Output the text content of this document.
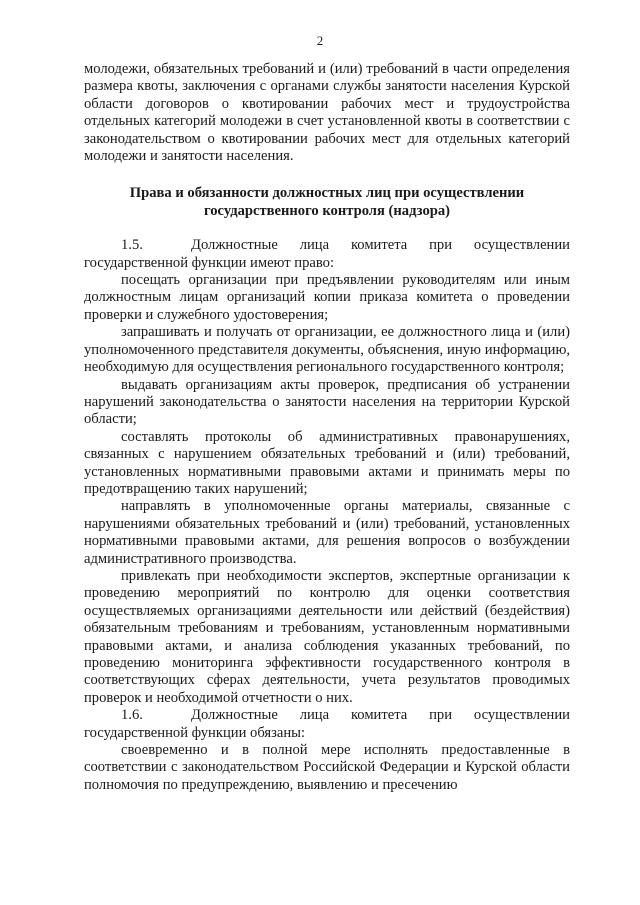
2

молодежи, обязательных требований и (или) требований в части определения размера квоты, заключения с органами службы занятости населения Курской области договоров о квотировании рабочих мест и трудоустройства отдельных категорий молодежи в счет установленной квоты в соответствии с законодательством о квотировании рабочих мест для отдельных категорий молодежи и занятости населения.

Права и обязанности должностных лиц при осуществлении государственного контроля (надзора)

1.5.	Должностные лица комитета при осуществлении

государственной функции имеют право:

посещать организации при предъявлении руководителям или иным должностным лицам организаций копии приказа комитета о проведении проверки и служебного удостоверения;

запрашивать и получать от организации, ее должностного лица и (или) уполномоченного представителя документы, объяснения, иную информацию, необходимую для осуществления регионального государственного контроля;

выдавать организациям акты проверок, предписания об устранении нарушений законодательства о занятости населения на территории Курской области;

составлять протоколы об административных правонарушениях, связанных с нарушением обязательных требований и (или) требований, установленных нормативными правовыми актами и принимать меры по предотвращению таких нарушений;

направлять в уполномоченные органы материалы, связанные с нарушениями обязательных требований и (или) требований, установленных нормативными правовыми актами, для решения вопросов о возбуждении административного производства.

привлекать при необходимости экспертов, экспертные организации к проведению мероприятий по контролю для оценки соответствия осуществляемых организациями деятельности или действий (бездействия) обязательным требованиям и требованиям, установленным нормативными правовыми актами, и анализа соблюдения указанных требований, по проведению мониторинга эффективности государственного контроля в соответствующих сферах деятельности, учета результатов проводимых проверок и необходимой отчетности о них.

1.6.	Должностные лица комитета при осуществлении

государственной функции обязаны:

своевременно и в полной мере исполнять предоставленные в соответствии с законодательством Российской Федерации и Курской области полномочия по предупреждению, выявлению и пресечению
